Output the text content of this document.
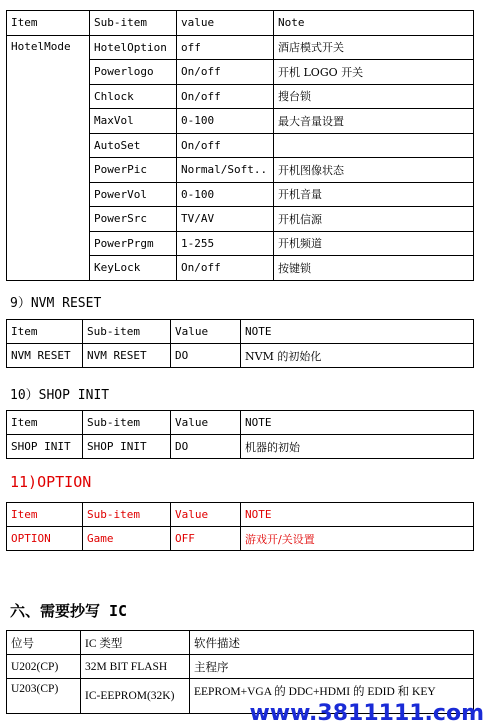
Item	Sub-item	value	Note
HotelMode	HotelOption	off	酒店模式开关
	Powerlogo	On/off	开机 LOGO 开关
	Chlock	On/off	搜台锁
	MaxVol	0-100	最大音量设置
	AutoSet	On/off	
	PowerPic	Normal/Soft..	开机图像状态
	PowerVol	0-100	开机音量
	PowerSrc	TV/AV	开机信源
	PowerPrgm	1-255	开机频道
	KeyLock	On/off	按键锁
9）NVM RESET
Item	Sub-item	Value	NOTE
NVM RESET	NVM RESET	DO	NVM 的初始化
10）SHOP INIT
Item	Sub-item	Value	NOTE
SHOP INIT	SHOP INIT	DO	机器的初始
11)OPTION
Item	Sub-item	Value	NOTE
OPTION	Game	OFF	游戏开/关设置
六、需要抄写 IC
位号	IC 类型	软件描述
U202(CP)	32M BIT FLASH	主程序
U203(CP)	IC-EEPROM(32K)	EEPROM+VGA 的 DDC+HDMI 的 EDID 和 KEY
www.3811111.com
